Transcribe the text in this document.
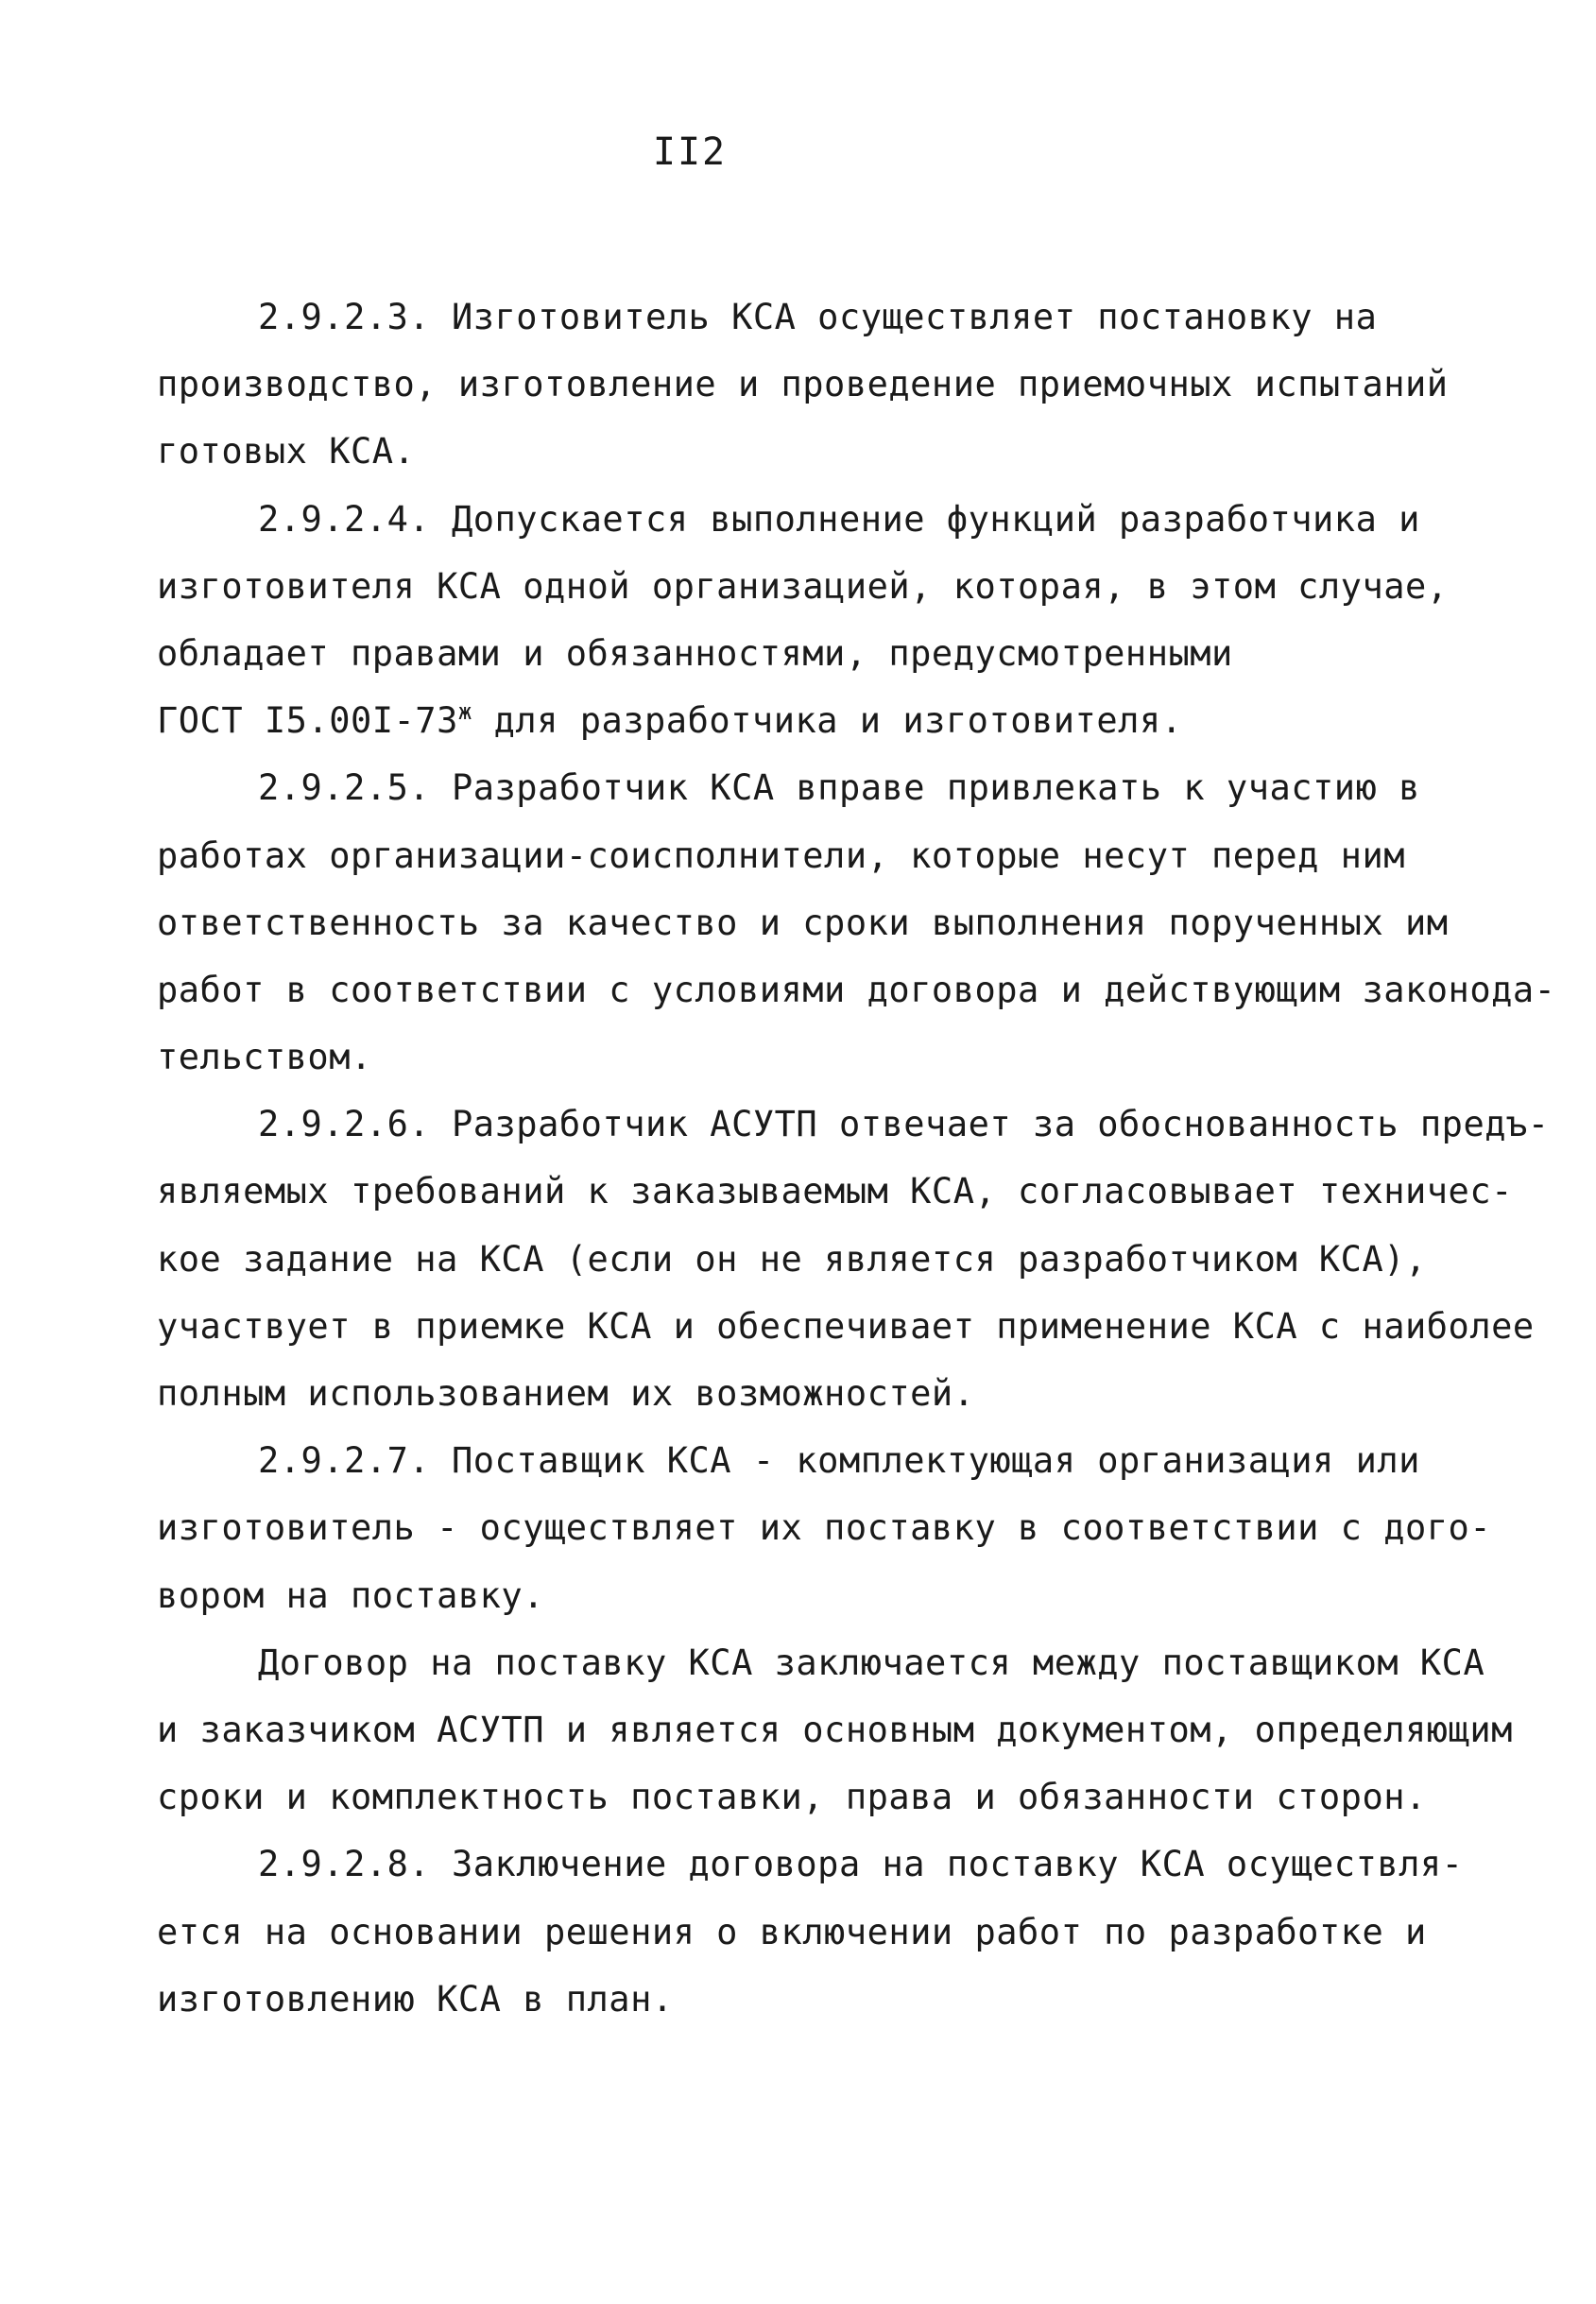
II2
2.9.2.3. Изготовитель КСА осуществляет постановку на
производство, изготовление и проведение приемочных испытаний
готовых КСА.
2.9.2.4. Допускается выполнение функций разработчика и
изготовителя КСА одной организацией, которая, в этом случае,
обладает правами и обязанностями, предусмотренными
ГОСТ $I5.00I-73^ж$ для разработчика и изготовителя.
2.9.2.5. Разработчик КСА вправе привлекать к участию в
работах организации-соисполнители, которые несут перед ним
ответственность за качество и сроки выполнения порученных им
работ в соответствии с условиями договора и действующим законода-
тельством.
2.9.2.6. Разработчик АСУТП отвечает за обоснованность предъ-
являемых требований к заказываемым КСА, согласовывает техничес-
кое задание на КСА (если он не является разработчиком КСА),
участвует в приемке КСА и обеспечивает применение КСА с наиболее
полным использованием их возможностей.
2.9.2.7. Поставщик КСА - комплектующая организация или
изготовитель - осуществляет их поставку в соответствии с дого-
вором на поставку.
Договор на поставку КСА заключается между поставщиком КСА
и заказчиком АСУТП и является основным документом, определяющим
сроки и комплектность поставки, права и обязанности сторон.
2.9.2.8. Заключение договора на поставку КСА осуществля-
ется на основании решения о включении работ по разработке и
изготовлению КСА в план.
